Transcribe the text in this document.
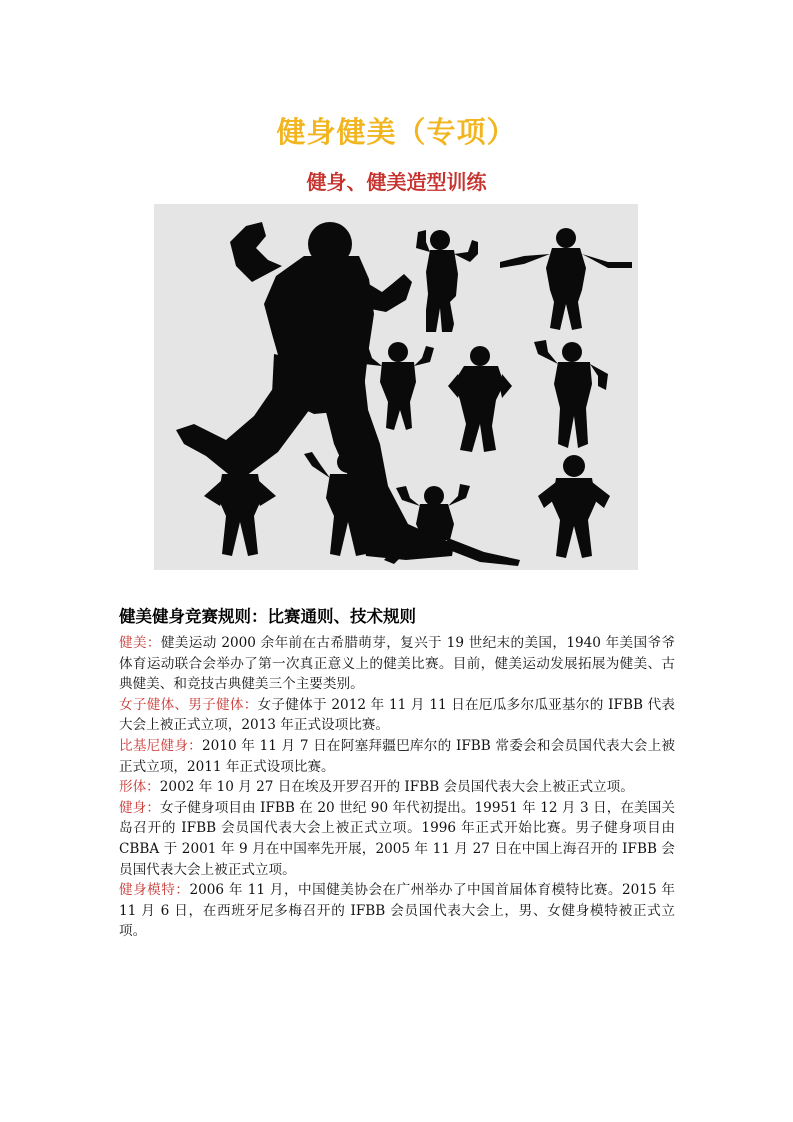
健身健美（专项）
健身、健美造型训练
健美健身竞赛规则：比赛通则、技术规则

健美：健美运动 2000 余年前在古希腊萌芽，复兴于 19 世纪末的美国，1940 年美国爷爷体育运动联合会举办了第一次真正意义上的健美比赛。目前，健美运动发展拓展为健美、古典健美、和竞技古典健美三个主要类别。

女子健体、男子健体：女子健体于 2012 年 11 月 11 日在厄瓜多尔瓜亚基尔的 IFBB 代表大会上被正式立项，2013 年正式设项比赛。

比基尼健身：2010 年 11 月 7 日在阿塞拜疆巴库尔的 IFBB 常委会和会员国代表大会上被正式立项，2011 年正式设项比赛。

形体：2002 年 10 月 27 日在埃及开罗召开的 IFBB 会员国代表大会上被正式立项。

健身：女子健身项目由 IFBB 在 20 世纪 90 年代初提出。19951 年 12 月 3 日，在美国关岛召开的 IFBB 会员国代表大会上被正式立项。1996 年正式开始比赛。男子健身项目由 CBBA 于 2001 年 9 月在中国率先开展，2005 年 11 月 27 日在中国上海召开的 IFBB 会员国代表大会上被正式立项。

健身模特：2006 年 11 月，中国健美协会在广州举办了中国首届体育模特比赛。2015 年 11 月 6 日，在西班牙尼多梅召开的 IFBB 会员国代表大会上，男、女健身模特被正式立项。
